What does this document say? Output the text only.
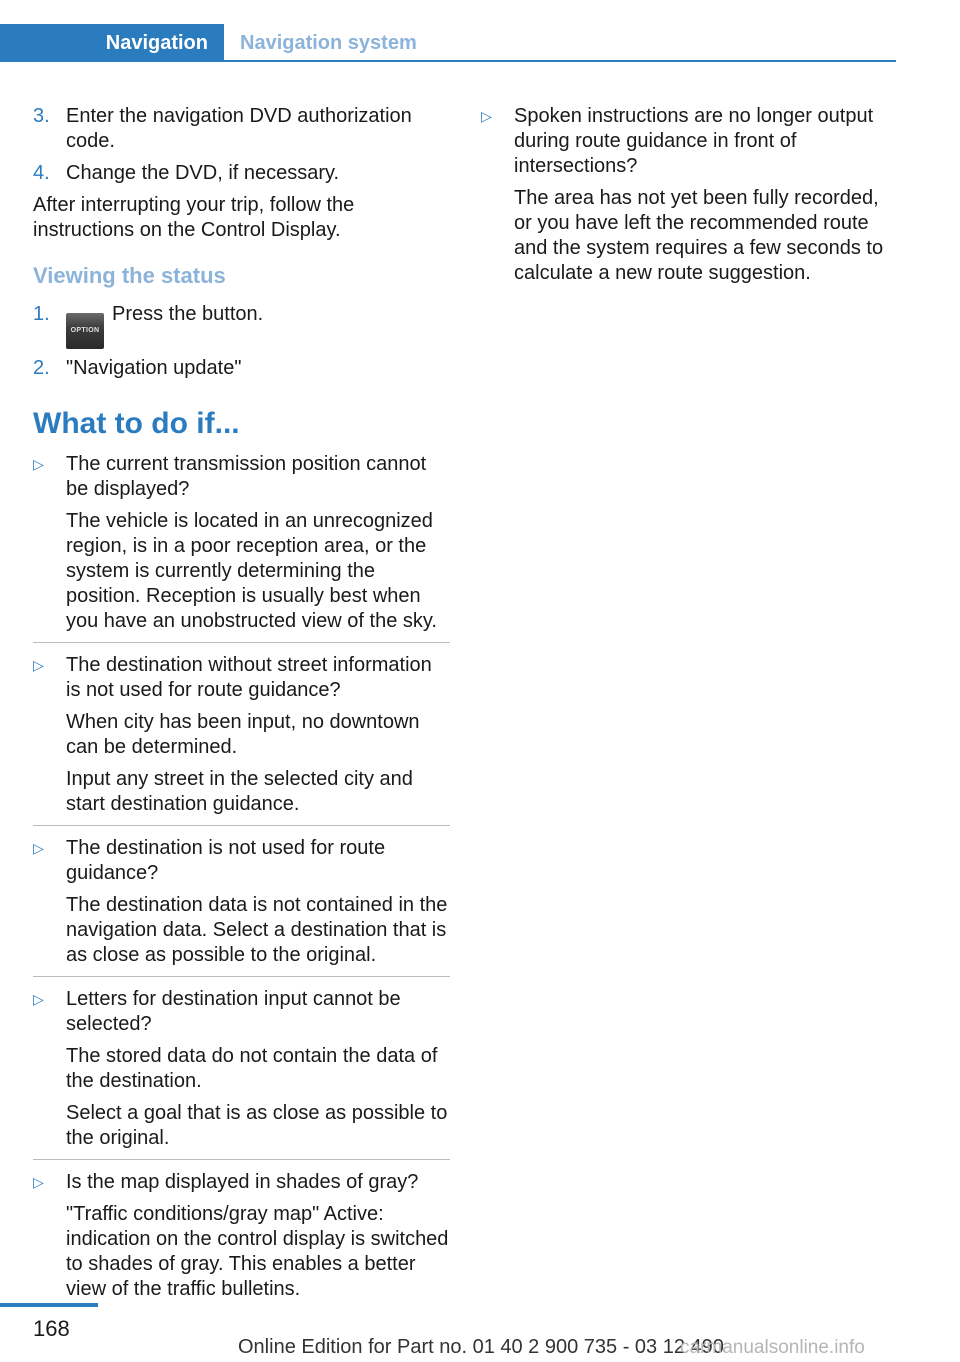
Navigation	Navigation system
3. Enter the navigation DVD authorization code.
4. Change the DVD, if necessary.

After interrupting your trip, follow the instructions on the Control Display.

Viewing the status
1.
OPTIONPress the button.
2. "Navigation update"
What to do if...
▷ The current transmission position cannot be displayed?
The vehicle is located in an unrecognized region, is in a poor reception area, or the system is currently determining the position. Reception is usually best when you have an unobstructed view of the sky.
▷ The destination without street information is not used for route guidance?
When city has been input, no downtown can be determined.
Input any street in the selected city and start destination guidance.
▷ The destination is not used for route guidance?
The destination data is not contained in the navigation data. Select a destination that is as close as possible to the original.
▷ Letters for destination input cannot be selected?
The stored data do not contain the data of the destination.
Select a goal that is as close as possible to the original.
▷ Is the map displayed in shades of gray?
"Traffic conditions/gray map" Active: indication on the control display is switched to shades of gray. This enables a better view of the traffic bulletins.
▷ Spoken instructions are no longer output during route guidance in front of intersections?
The area has not yet been fully recorded, or you have left the recommended route and the system requires a few seconds to calculate a new route suggestion.
168
Online Edition for Part no. 01 40 2 900 735 - 03 12 490
carmanualsonline.info
